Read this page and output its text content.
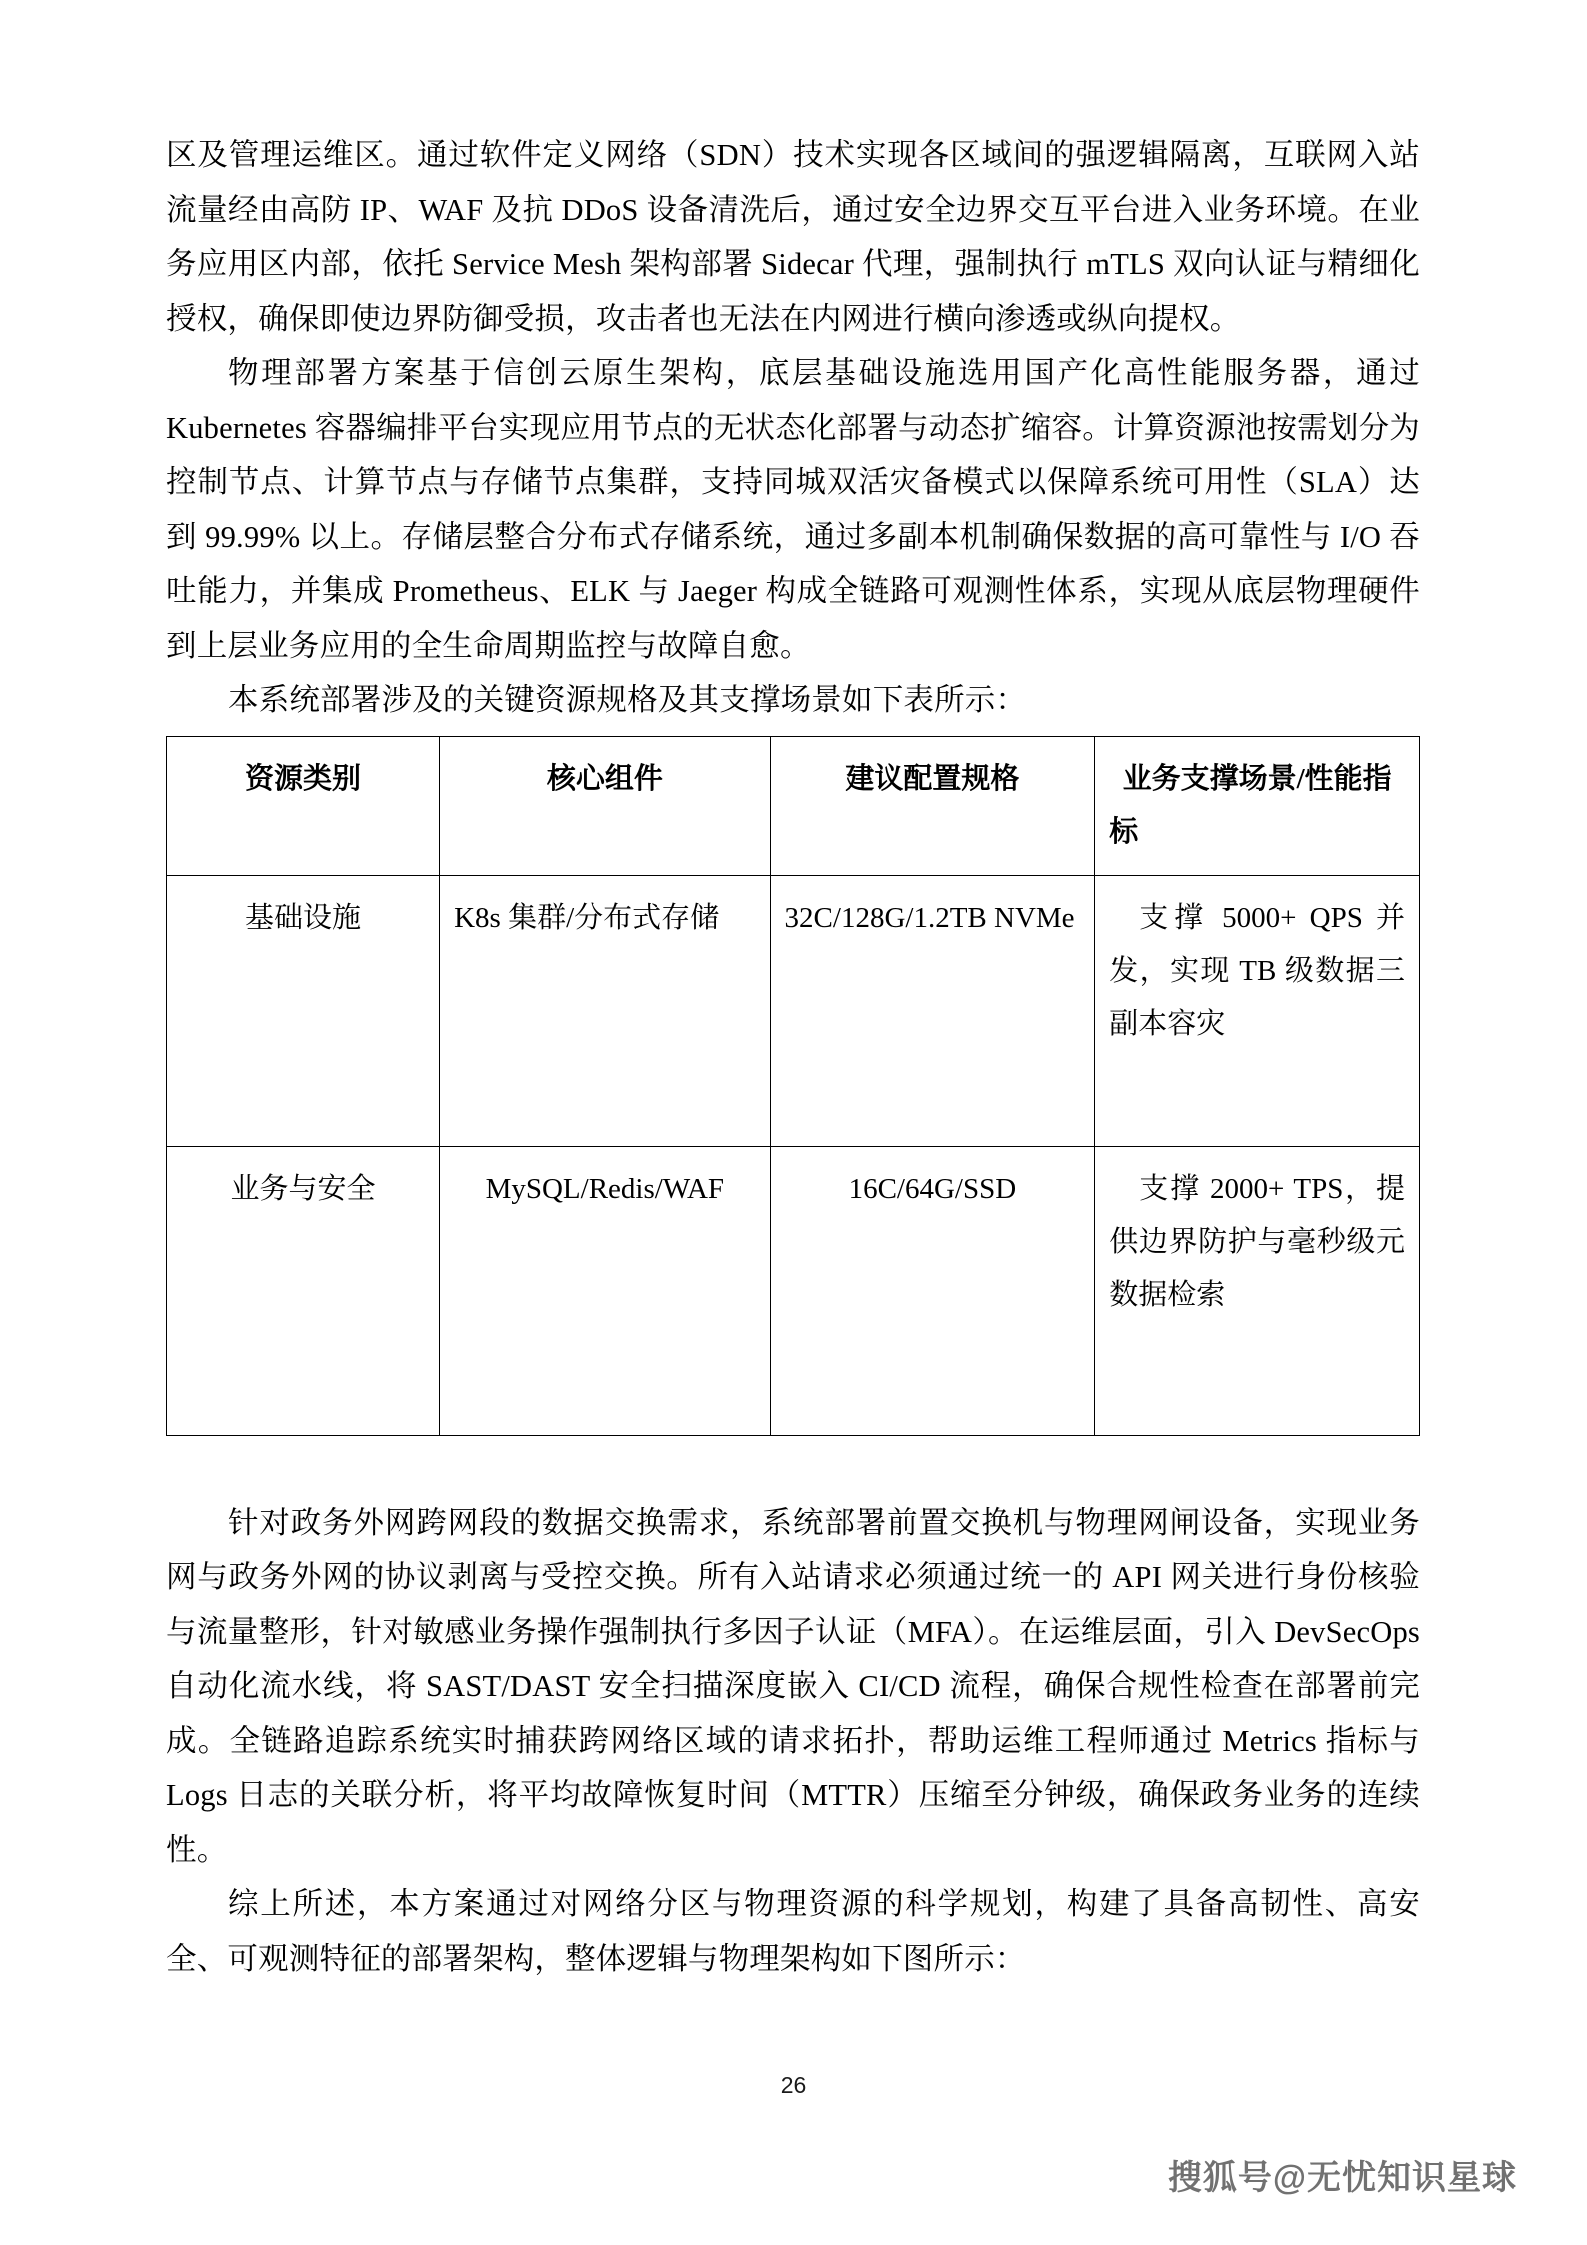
区及管理运维区。通过软件定义网络（SDN）技术实现各区域间的强逻辑隔离，互联网入站流量经由高防 IP、WAF 及抗 DDoS 设备清洗后，通过安全边界交互平台进入业务环境。在业务应用区内部，依托 Service Mesh 架构部署 Sidecar 代理，强制执行 mTLS 双向认证与精细化授权，确保即使边界防御受损，攻击者也无法在内网进行横向渗透或纵向提权。

物理部署方案基于信创云原生架构，底层基础设施选用国产化高性能服务器，通过 Kubernetes 容器编排平台实现应用节点的无状态化部署与动态扩缩容。计算资源池按需划分为控制节点、计算节点与存储节点集群，支持同城双活灾备模式以保障系统可用性（SLA）达到 99.99% 以上。存储层整合分布式存储系统，通过多副本机制确保数据的高可靠性与 I/O 吞吐能力，并集成 Prometheus、ELK 与 Jaeger 构成全链路可观测性体系，实现从底层物理硬件到上层业务应用的全生命周期监控与故障自愈。

本系统部署涉及的关键资源规格及其支撑场景如下表所示：

资源类别	核心组件	建议配置规格	业务支撑场景/性能指标
基础设施	K8s 集群/分布式存储	32C/128G/1.2TB NVMe	支撑 5000+ QPS 并发，实现 TB 级数据三副本容灾
业务与安全	MySQL/Redis/WAF	16C/64G/SSD	支撑 2000+ TPS，提供边界防护与毫秒级元数据检索

针对政务外网跨网段的数据交换需求，系统部署前置交换机与物理网闸设备，实现业务网与政务外网的协议剥离与受控交换。所有入站请求必须通过统一的 API 网关进行身份核验与流量整形，针对敏感业务操作强制执行多因子认证（MFA）。在运维层面，引入 DevSecOps 自动化流水线，将 SAST/DAST 安全扫描深度嵌入 CI/CD 流程，确保合规性检查在部署前完成。全链路追踪系统实时捕获跨网络区域的请求拓扑，帮助运维工程师通过 Metrics 指标与 Logs 日志的关联分析，将平均故障恢复时间（MTTR）压缩至分钟级，确保政务业务的连续性。

综上所述，本方案通过对网络分区与物理资源的科学规划，构建了具备高韧性、高安全、可观测特征的部署架构，整体逻辑与物理架构如下图所示：

26
搜狐号@无忧知识星球
